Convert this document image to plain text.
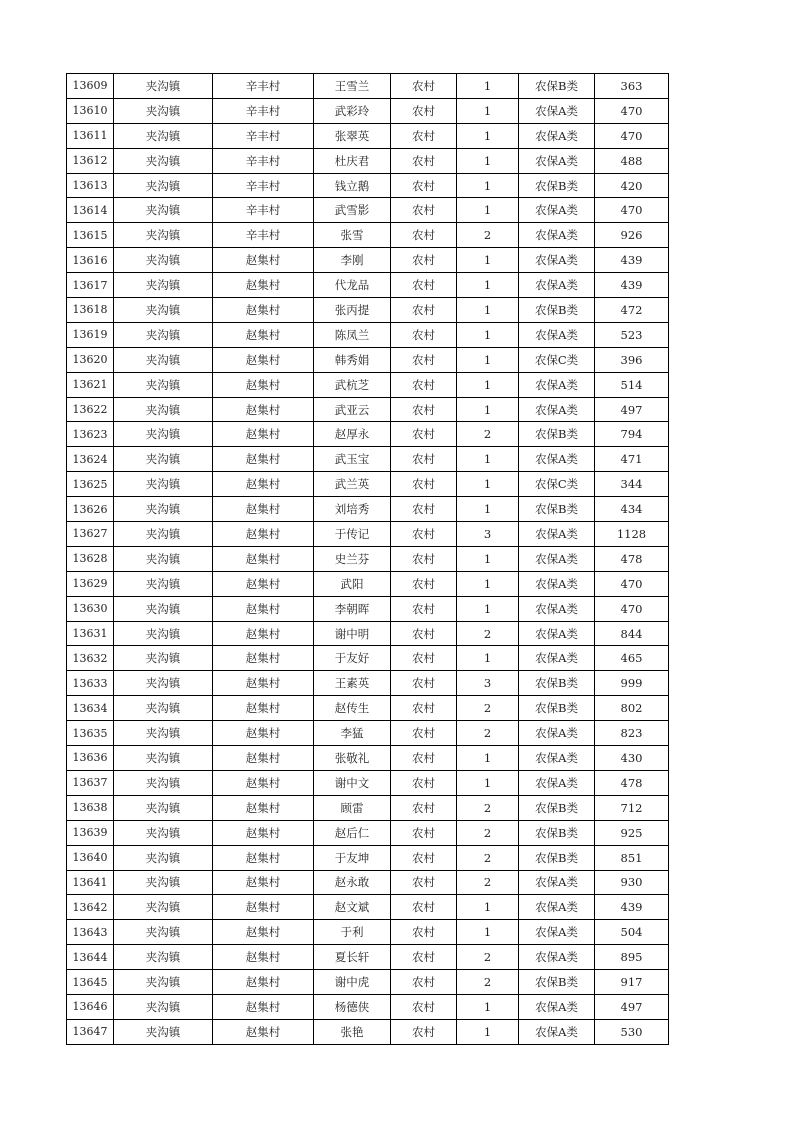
13609	夹沟镇	辛丰村	王雪兰	农村	1	农保B类	363
13610	夹沟镇	辛丰村	武彩玲	农村	1	农保A类	470
13611	夹沟镇	辛丰村	张翠英	农村	1	农保A类	470
13612	夹沟镇	辛丰村	杜庆君	农村	1	农保A类	488
13613	夹沟镇	辛丰村	钱立鹅	农村	1	农保B类	420
13614	夹沟镇	辛丰村	武雪影	农村	1	农保A类	470
13615	夹沟镇	辛丰村	张雪	农村	2	农保A类	926
13616	夹沟镇	赵集村	李刚	农村	1	农保A类	439
13617	夹沟镇	赵集村	代龙品	农村	1	农保A类	439
13618	夹沟镇	赵集村	张丙提	农村	1	农保B类	472
13619	夹沟镇	赵集村	陈凤兰	农村	1	农保A类	523
13620	夹沟镇	赵集村	韩秀娟	农村	1	农保C类	396
13621	夹沟镇	赵集村	武杭芝	农村	1	农保A类	514
13622	夹沟镇	赵集村	武亚云	农村	1	农保A类	497
13623	夹沟镇	赵集村	赵厚永	农村	2	农保B类	794
13624	夹沟镇	赵集村	武玉宝	农村	1	农保A类	471
13625	夹沟镇	赵集村	武兰英	农村	1	农保C类	344
13626	夹沟镇	赵集村	刘培秀	农村	1	农保B类	434
13627	夹沟镇	赵集村	于传记	农村	3	农保A类	1128
13628	夹沟镇	赵集村	史兰芬	农村	1	农保A类	478
13629	夹沟镇	赵集村	武阳	农村	1	农保A类	470
13630	夹沟镇	赵集村	李朝晖	农村	1	农保A类	470
13631	夹沟镇	赵集村	谢中明	农村	2	农保A类	844
13632	夹沟镇	赵集村	于友好	农村	1	农保A类	465
13633	夹沟镇	赵集村	王素英	农村	3	农保B类	999
13634	夹沟镇	赵集村	赵传生	农村	2	农保B类	802
13635	夹沟镇	赵集村	李猛	农村	2	农保A类	823
13636	夹沟镇	赵集村	张敬礼	农村	1	农保A类	430
13637	夹沟镇	赵集村	谢中文	农村	1	农保A类	478
13638	夹沟镇	赵集村	顾雷	农村	2	农保B类	712
13639	夹沟镇	赵集村	赵后仁	农村	2	农保B类	925
13640	夹沟镇	赵集村	于友坤	农村	2	农保B类	851
13641	夹沟镇	赵集村	赵永敢	农村	2	农保A类	930
13642	夹沟镇	赵集村	赵文斌	农村	1	农保A类	439
13643	夹沟镇	赵集村	于利	农村	1	农保A类	504
13644	夹沟镇	赵集村	夏长轩	农村	2	农保A类	895
13645	夹沟镇	赵集村	谢中虎	农村	2	农保B类	917
13646	夹沟镇	赵集村	杨德侠	农村	1	农保A类	497
13647	夹沟镇	赵集村	张艳	农村	1	农保A类	530
